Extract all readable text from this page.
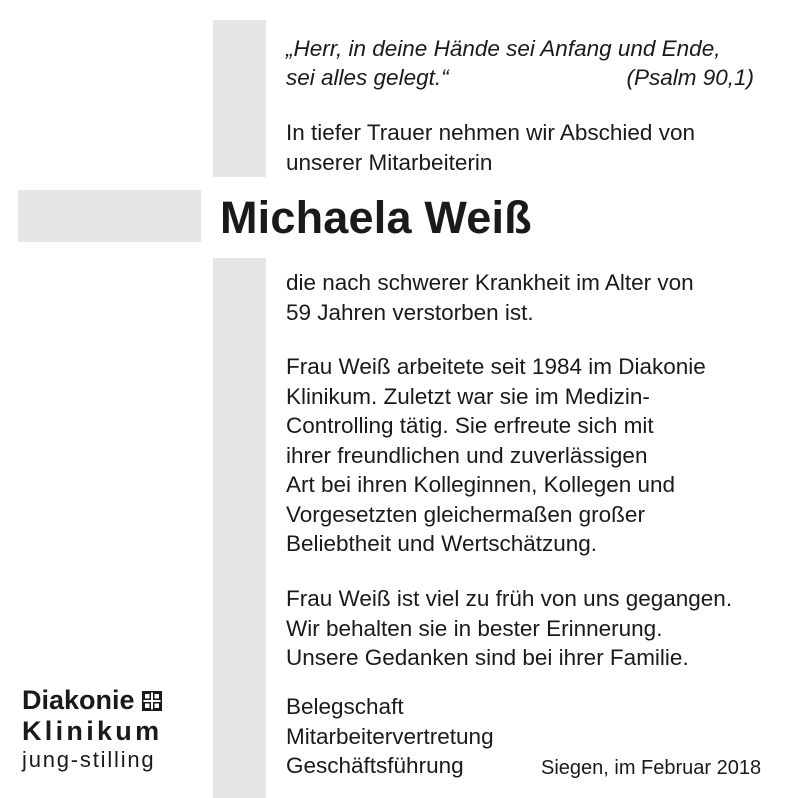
„Herr, in deine Hände sei Anfang und Ende,
sei alles gelegt.“	(Psalm 90,1)
In tiefer Trauer nehmen wir Abschied von
unserer Mitarbeiterin
Michaela Weiß
die nach schwerer Krankheit im Alter von
59 Jahren verstorben ist.
Frau Weiß arbeitete seit 1984 im Diakonie
Klinikum. Zuletzt war sie im Medizin-
Controlling tätig. Sie erfreute sich mit
ihrer freundlichen und zuverlässigen
Art bei ihren Kolleginnen, Kollegen und
Vorgesetzten gleichermaßen großer
Beliebtheit und Wertschätzung.
Frau Weiß ist viel zu früh von uns gegangen.
Wir behalten sie in bester Erinnerung.
Unsere Gedanken sind bei ihrer Familie.
Belegschaft
Mitarbeitervertretung
Geschäftsführung	Siegen, im Februar 2018
Diakonie
Klinikum
jung-stilling
